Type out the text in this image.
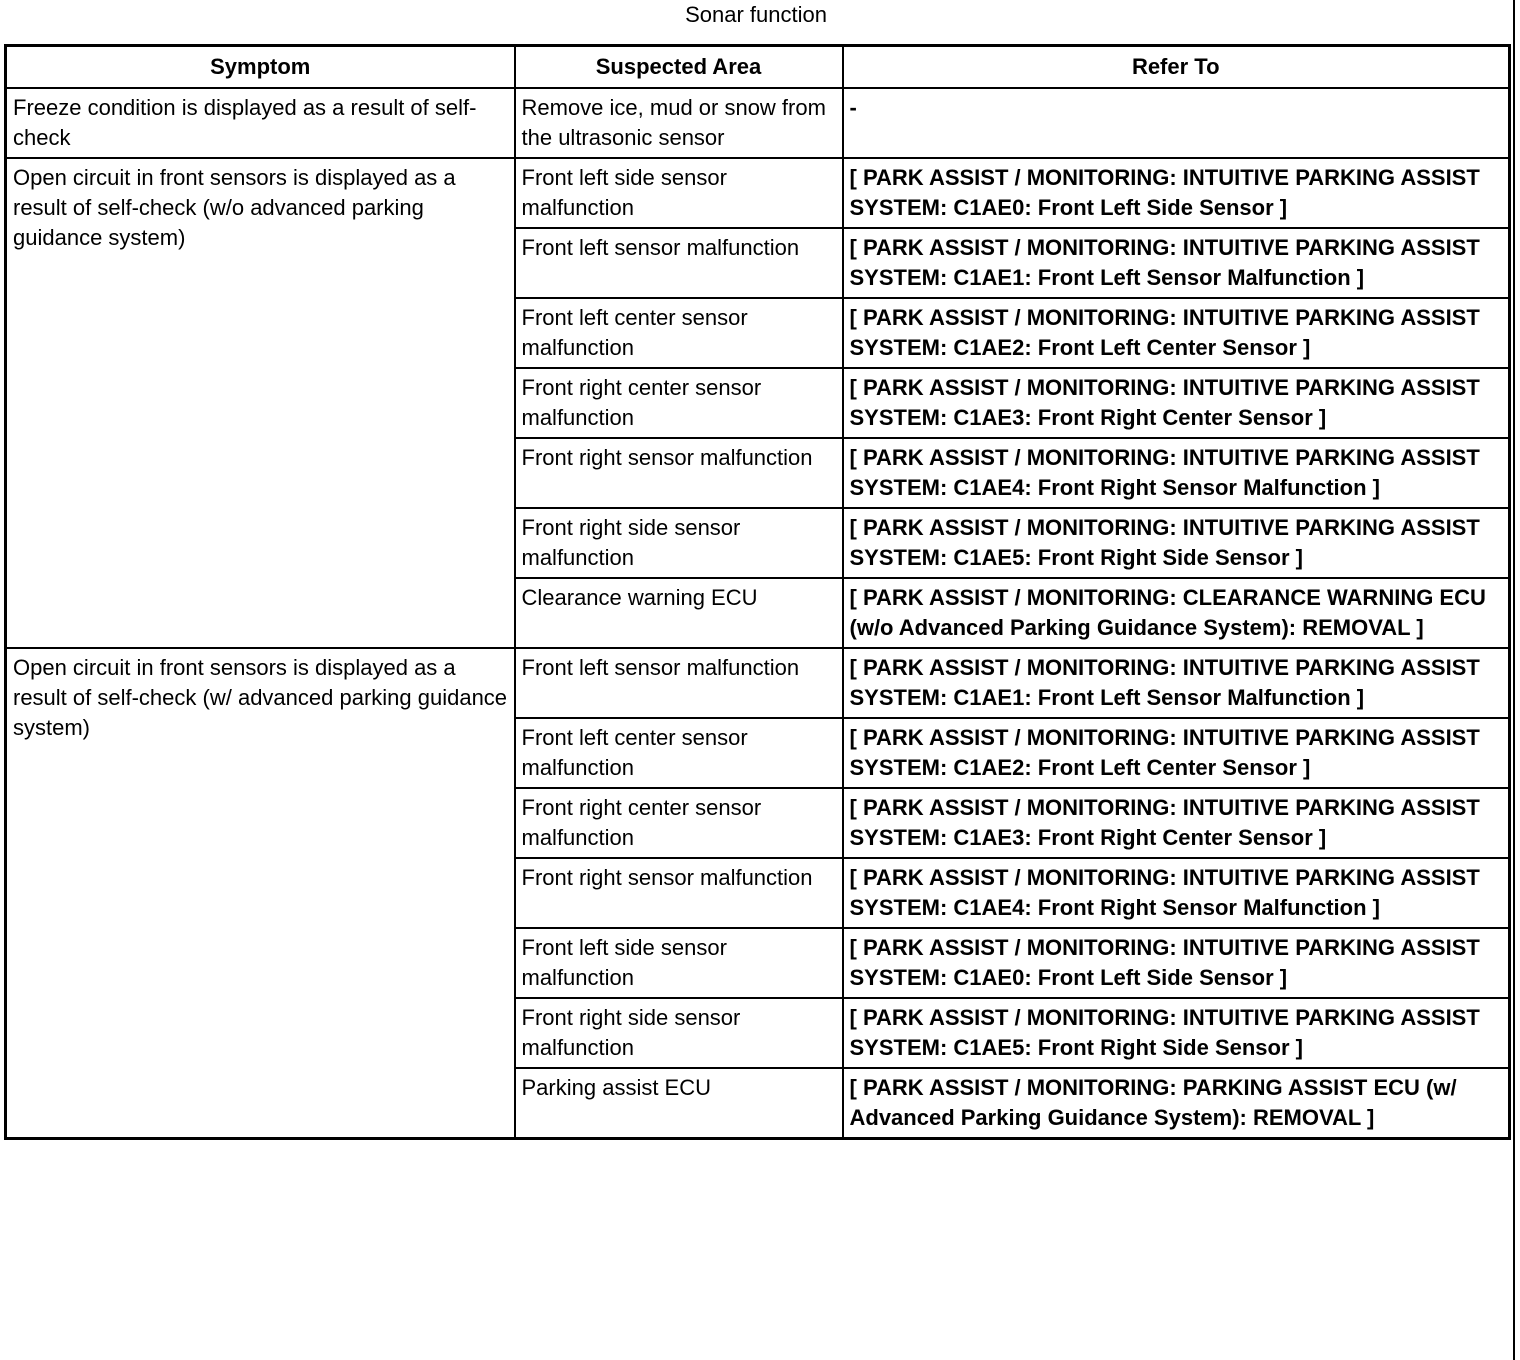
Sonar function
Symptom	Suspected Area	Refer To
Freeze condition is displayed as a result of self-check	Remove ice, mud or snow from the ultrasonic sensor	-
Open circuit in front sensors is displayed as a result of self-check (w/o advanced parking guidance system)	Front left side sensor malfunction	[ PARK ASSIST / MONITORING: INTUITIVE PARKING ASSIST SYSTEM: C1AE0: Front Left Side Sensor ]
	Front left sensor malfunction	[ PARK ASSIST / MONITORING: INTUITIVE PARKING ASSIST SYSTEM: C1AE1: Front Left Sensor Malfunction ]
	Front left center sensor malfunction	[ PARK ASSIST / MONITORING: INTUITIVE PARKING ASSIST SYSTEM: C1AE2: Front Left Center Sensor ]
	Front right center sensor malfunction	[ PARK ASSIST / MONITORING: INTUITIVE PARKING ASSIST SYSTEM: C1AE3: Front Right Center Sensor ]
	Front right sensor malfunction	[ PARK ASSIST / MONITORING: INTUITIVE PARKING ASSIST SYSTEM: C1AE4: Front Right Sensor Malfunction ]
	Front right side sensor malfunction	[ PARK ASSIST / MONITORING: INTUITIVE PARKING ASSIST SYSTEM: C1AE5: Front Right Side Sensor ]
	Clearance warning ECU	[ PARK ASSIST / MONITORING: CLEARANCE WARNING ECU (w/o Advanced Parking Guidance System): REMOVAL ]
Open circuit in front sensors is displayed as a result of self-check (w/ advanced parking guidance system)	Front left sensor malfunction	[ PARK ASSIST / MONITORING: INTUITIVE PARKING ASSIST SYSTEM: C1AE1: Front Left Sensor Malfunction ]
	Front left center sensor malfunction	[ PARK ASSIST / MONITORING: INTUITIVE PARKING ASSIST SYSTEM: C1AE2: Front Left Center Sensor ]
	Front right center sensor malfunction	[ PARK ASSIST / MONITORING: INTUITIVE PARKING ASSIST SYSTEM: C1AE3: Front Right Center Sensor ]
	Front right sensor malfunction	[ PARK ASSIST / MONITORING: INTUITIVE PARKING ASSIST SYSTEM: C1AE4: Front Right Sensor Malfunction ]
	Front left side sensor malfunction	[ PARK ASSIST / MONITORING: INTUITIVE PARKING ASSIST SYSTEM: C1AE0: Front Left Side Sensor ]
	Front right side sensor malfunction	[ PARK ASSIST / MONITORING: INTUITIVE PARKING ASSIST SYSTEM: C1AE5: Front Right Side Sensor ]
	Parking assist ECU	[ PARK ASSIST / MONITORING: PARKING ASSIST ECU (w/ Advanced Parking Guidance System): REMOVAL ]
